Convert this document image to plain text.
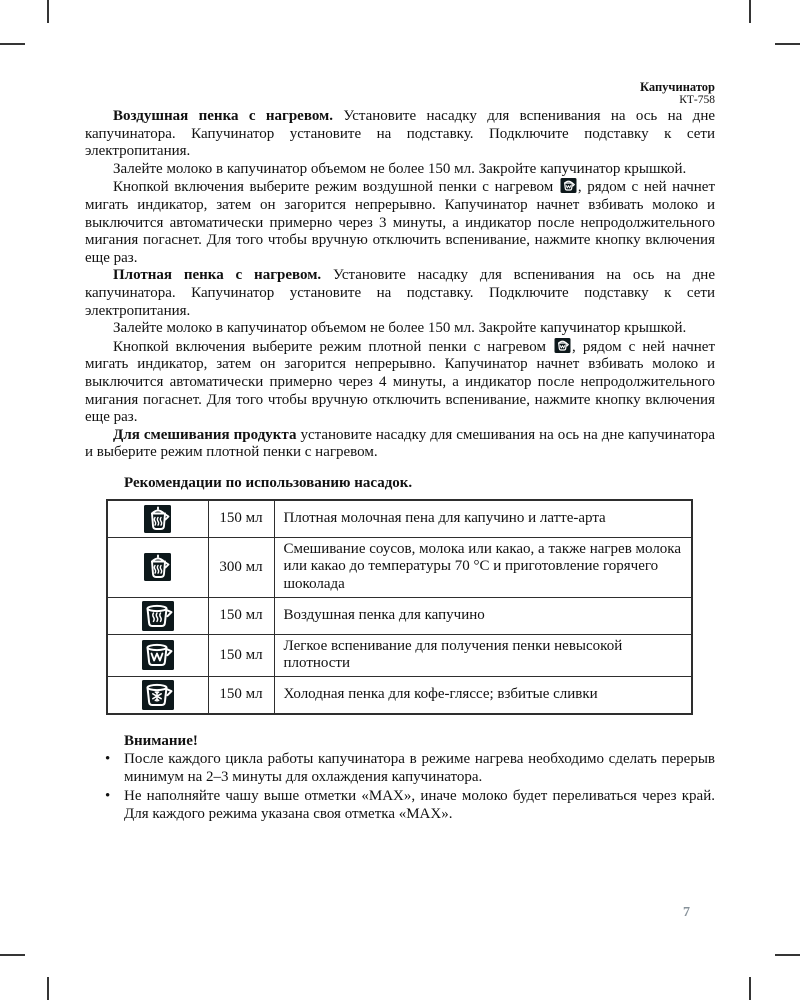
Капучинатор
КТ-758

Воздушная пенка с нагревом. Установите насадку для вспенивания на ось на дне капучинатора. Капучинатор установите на подставку. Подключите подставку к сети электропитания.

Залейте молоко в капучинатор объемом не более 150 мл. Закройте капучинатор крышкой.

Кнопкой включения выберите режим воздушной пенки с нагревом
, рядом с ней начнет мигать индикатор, затем он загорится непрерывно. Капучинатор начнет взбивать молоко и выключится автоматически примерно через 3 минуты, а индикатор после непродолжительного мигания погаснет. Для того чтобы вручную отключить вспенивание, нажмите кнопку включения еще раз.

Плотная пенка с нагревом. Установите насадку для вспенивания на ось на дне капучинатора. Капучинатор установите на подставку. Подключите подставку к сети электропитания.

Залейте молоко в капучинатор объемом не более 150 мл. Закройте капучинатор крышкой.

Кнопкой включения выберите режим плотной пенки с нагревом
, рядом с ней начнет мигать индикатор, затем он загорится непрерывно. Капучинатор начнет взбивать молоко и выключится автоматически примерно через 4 минуты, а индикатор после непродолжительного мигания погаснет. Для того чтобы вручную отключить вспенивание, нажмите кнопку включения еще раз.

Для смешивания продукта установите насадку для смешивания на ось на дне капучинатора и выберите режим плотной пенки с нагревом.

Рекомендации по использованию насадок.
	150 мл	Плотная молочная пена для капучино и латте-арта

	300 мл	Смешивание соусов, молока или какао, а также нагрев молока или какао до температуры 70 °С и приготовление горячего шоколада

	150 мл	Воздушная пенка для капучино

	150 мл	Легкое вспенивание для получения пенки невысокой плотности

	150 мл	Холодная пенка для кофе-гляссе; взбитые сливки
Внимание!
• После каждого цикла работы капучинатора в режиме нагрева необходимо сделать перерыв минимум на 2–3 минуты для охлаждения капучинатора.
• Не наполняйте чашу выше отметки «МАХ», иначе молоко будет переливаться через край. Для каждого режима указана своя отметка «МАХ».
7
